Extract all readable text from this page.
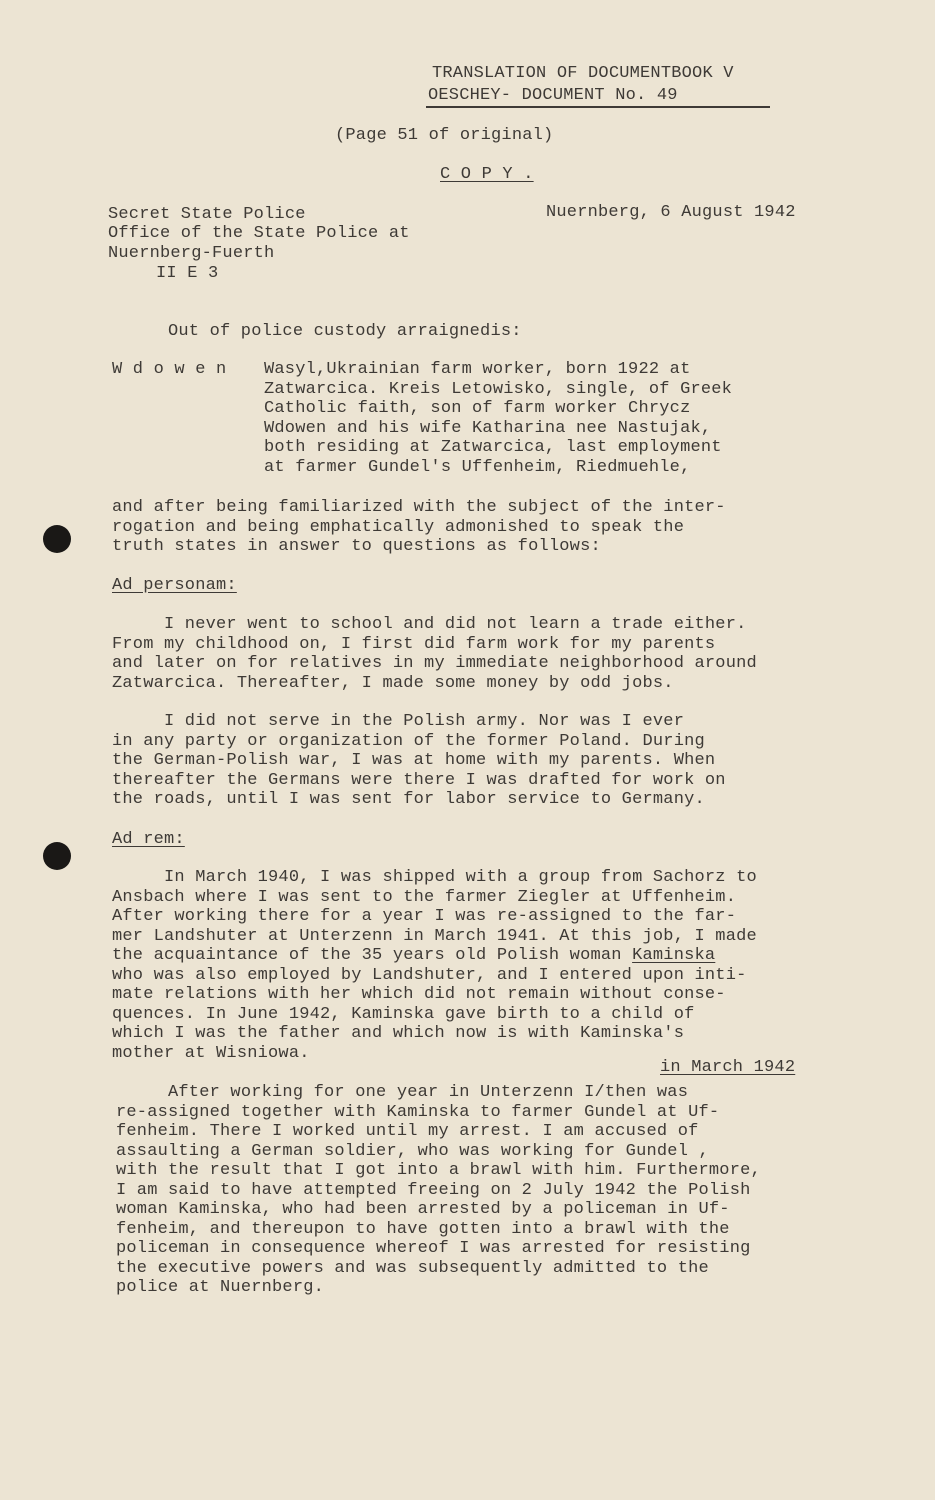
TRANSLATION OF DOCUMENTBOOK V
OESCHEY- DOCUMENT No. 49
(Page 51 of original)
C O P Y .
Secret State Police
Office of the State Police at
Nuernberg-Fuerth
II E 3
Nuernberg, 6 August 1942
Out of police custody arraignedis:
W d o w e n Wasyl,Ukrainian farm worker, born 1922 at
Zatwarcica. Kreis Letowisko, single, of Greek
Catholic faith, son of farm worker Chrycz
Wdowen and his wife Katharina nee Nastujak,
both residing at Zatwarcica, last employment
at farmer Gundel's Uffenheim, Riedmuehle,
and after being familiarized with the subject of the inter-
rogation and being emphatically admonished to speak the
truth states in answer to questions as follows:
Ad personam:
I never went to school and did not learn a trade either.
From my childhood on, I first did farm work for my parents
and later on for relatives in my immediate neighborhood around
Zatwarcica. Thereafter, I made some money by odd jobs.
I did not serve in the Polish army. Nor was I ever
in any party or organization of the former Poland. During
the German-Polish war, I was at home with my parents. When
thereafter the Germans were there I was drafted for work on
the roads, until I was sent for labor service to Germany.
Ad rem:
In March 1940, I was shipped with a group from Sachorz to
Ansbach where I was sent to the farmer Ziegler at Uffenheim.
After working there for a year I was re-assigned to the far-
mer Landshuter at Unterzenn in March 1941. At this job, I made
the acquaintance of the 35 years old Polish woman Kaminska
who was also employed by Landshuter, and I entered upon inti-
mate relations with her which did not remain without conse-
quences. In June 1942, Kaminska gave birth to a child of
which I was the father and which now is with Kaminska's
mother at Wisniowa.
in March 1942
After working for one year in Unterzenn I/then was
re-assigned together with Kaminska to farmer Gundel at Uf-
fenheim. There I worked until my arrest. I am accused of
assaulting a German soldier, who was working for Gundel ,
with the result that I got into a brawl with him. Furthermore,
I am said to have attempted freeing on 2 July 1942 the Polish
woman Kaminska, who had been arrested by a policeman in Uf-
fenheim, and thereupon to have gotten into a brawl with the
policeman in consequence whereof I was arrested for resisting
the executive powers and was subsequently admitted to the
police at Nuernberg.
